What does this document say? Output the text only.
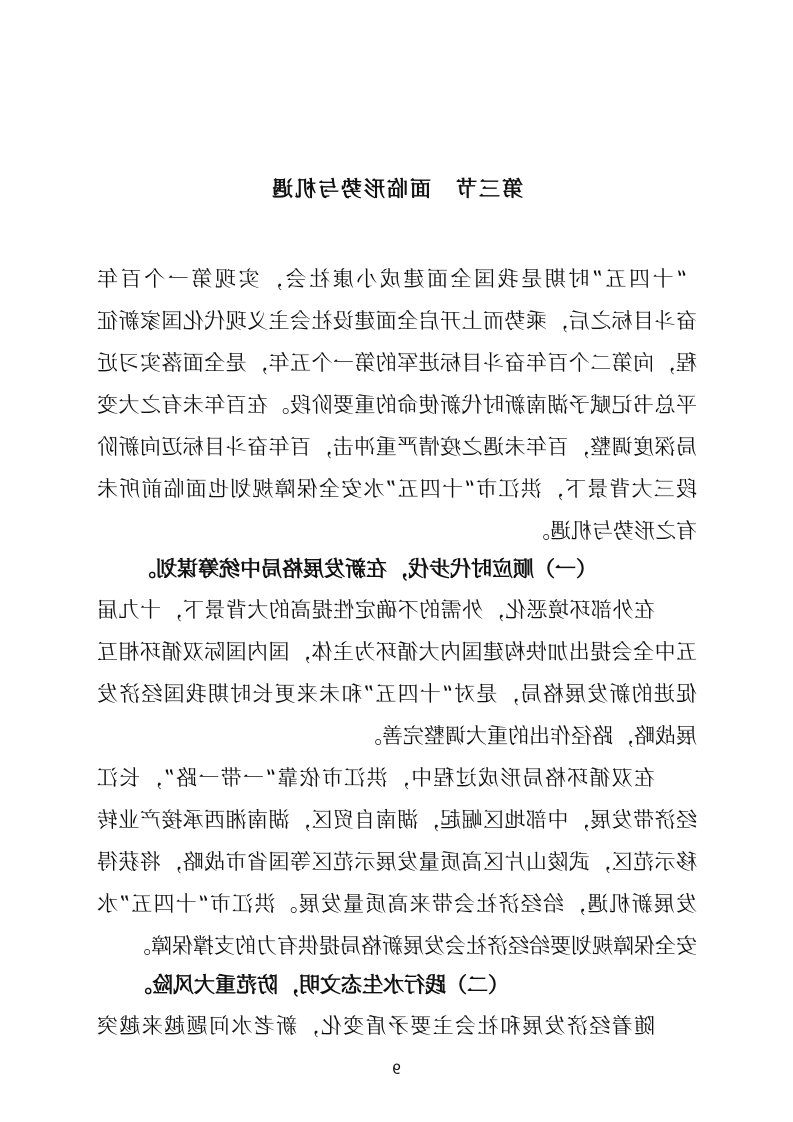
第三节　面临形势与机遇
“十四五”时期是我国全面建成小康社会，实现第一个百年
奋斗目标之后，乘势而上开启全面建设社会主义现代化国家新征
程，向第二个百年奋斗目标进军的第一个五年，是全面落实习近
平总书记赋予湖南新时代新使命的重要阶段。在百年未有之大变
局深度调整，百年未遇之疫情严重冲击，百年奋斗目标迈向新阶
段三大背景下，洪江市“十四五”水安全保障规划也面临前所未
有之形势与机遇。
（一）顺应时代步伐，在新发展格局中统筹谋划。
在外部环境恶化，外需的不确定性提高的大背景下，十九届
五中全会提出加快构建国内大循环为主体，国内国际双循环相互
促进的新发展格局，是对“十四五”和未来更长时期我国经济发
展战略，路径作出的重大调整完善。
在双循环格局形成过程中，洪江市依靠“一带一路”，长江
经济带发展，中部地区崛起，湖南自贸区，湖南湘西承接产业转
移示范区，武陵山片区高质量发展示范区等国省市战略，将获得
发展新机遇，给经济社会带来高质量发展。洪江市“十四五”水
安全保障规划要给经济社会发展新格局提供有力的支撑保障。
（二）践行水生态文明，防范重大风险。
随着经济发展和社会主要矛盾变化，新老水问题越来越突
9
